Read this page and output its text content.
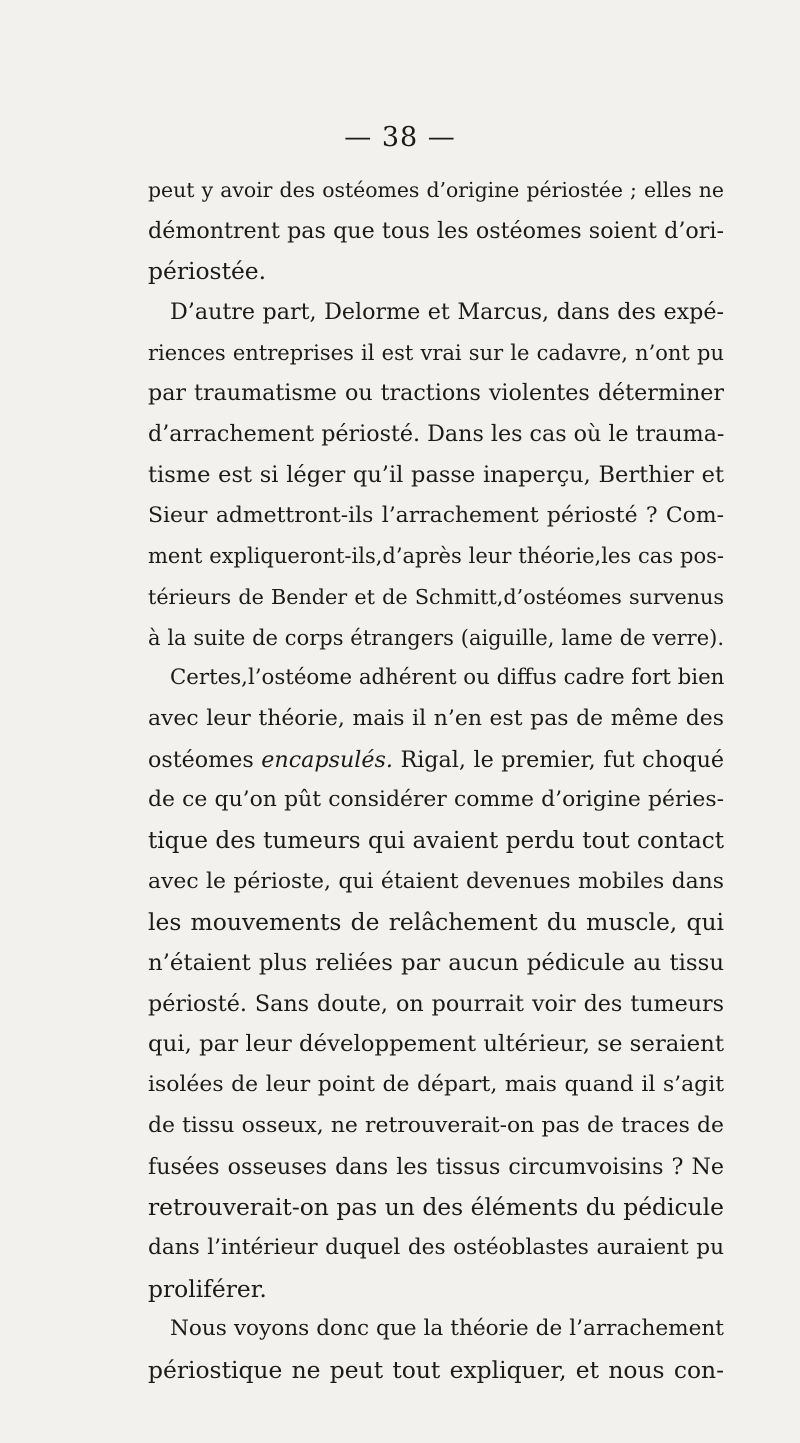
— 38 —
peut y avoir des ostéomes d’origine périostée ; elles ne
démontrent pas que tous les ostéomes soient d’ori-
périostée.
D’autre part, Delorme et Marcus, dans des expé-
riences entreprises il est vrai sur le cadavre, n’ont pu
par traumatisme ou tractions violentes déterminer
d’arrachement périosté. Dans les cas où le trauma-
tisme est si léger qu’il passe inaperçu, Berthier et
Sieur admettront-ils l’arrachement périosté ? Com-
ment expliqueront-ils,d’après leur théorie,les cas pos-
térieurs de Bender et de Schmitt,d’ostéomes survenus
à la suite de corps étrangers (aiguille, lame de verre).
Certes,l’ostéome adhérent ou diffus cadre fort bien
avec leur théorie, mais il n’en est pas de même des
ostéomes encapsulés. Rigal, le premier, fut choqué
de ce qu’on pût considérer comme d’origine péries-
tique des tumeurs qui avaient perdu tout contact
avec le périoste, qui étaient devenues mobiles dans
les mouvements de relâchement du muscle, qui
n’étaient plus reliées par aucun pédicule au tissu
périosté. Sans doute, on pourrait voir des tumeurs
qui, par leur développement ultérieur, se seraient
isolées de leur point de départ, mais quand il s’agit
de tissu osseux, ne retrouverait-on pas de traces de
fusées osseuses dans les tissus circumvoisins ? Ne
retrouverait-on pas un des éléments du pédicule
dans l’intérieur duquel des ostéoblastes auraient pu
proliférer.
Nous voyons donc que la théorie de l’arrachement
périostique ne peut tout expliquer, et nous con-
